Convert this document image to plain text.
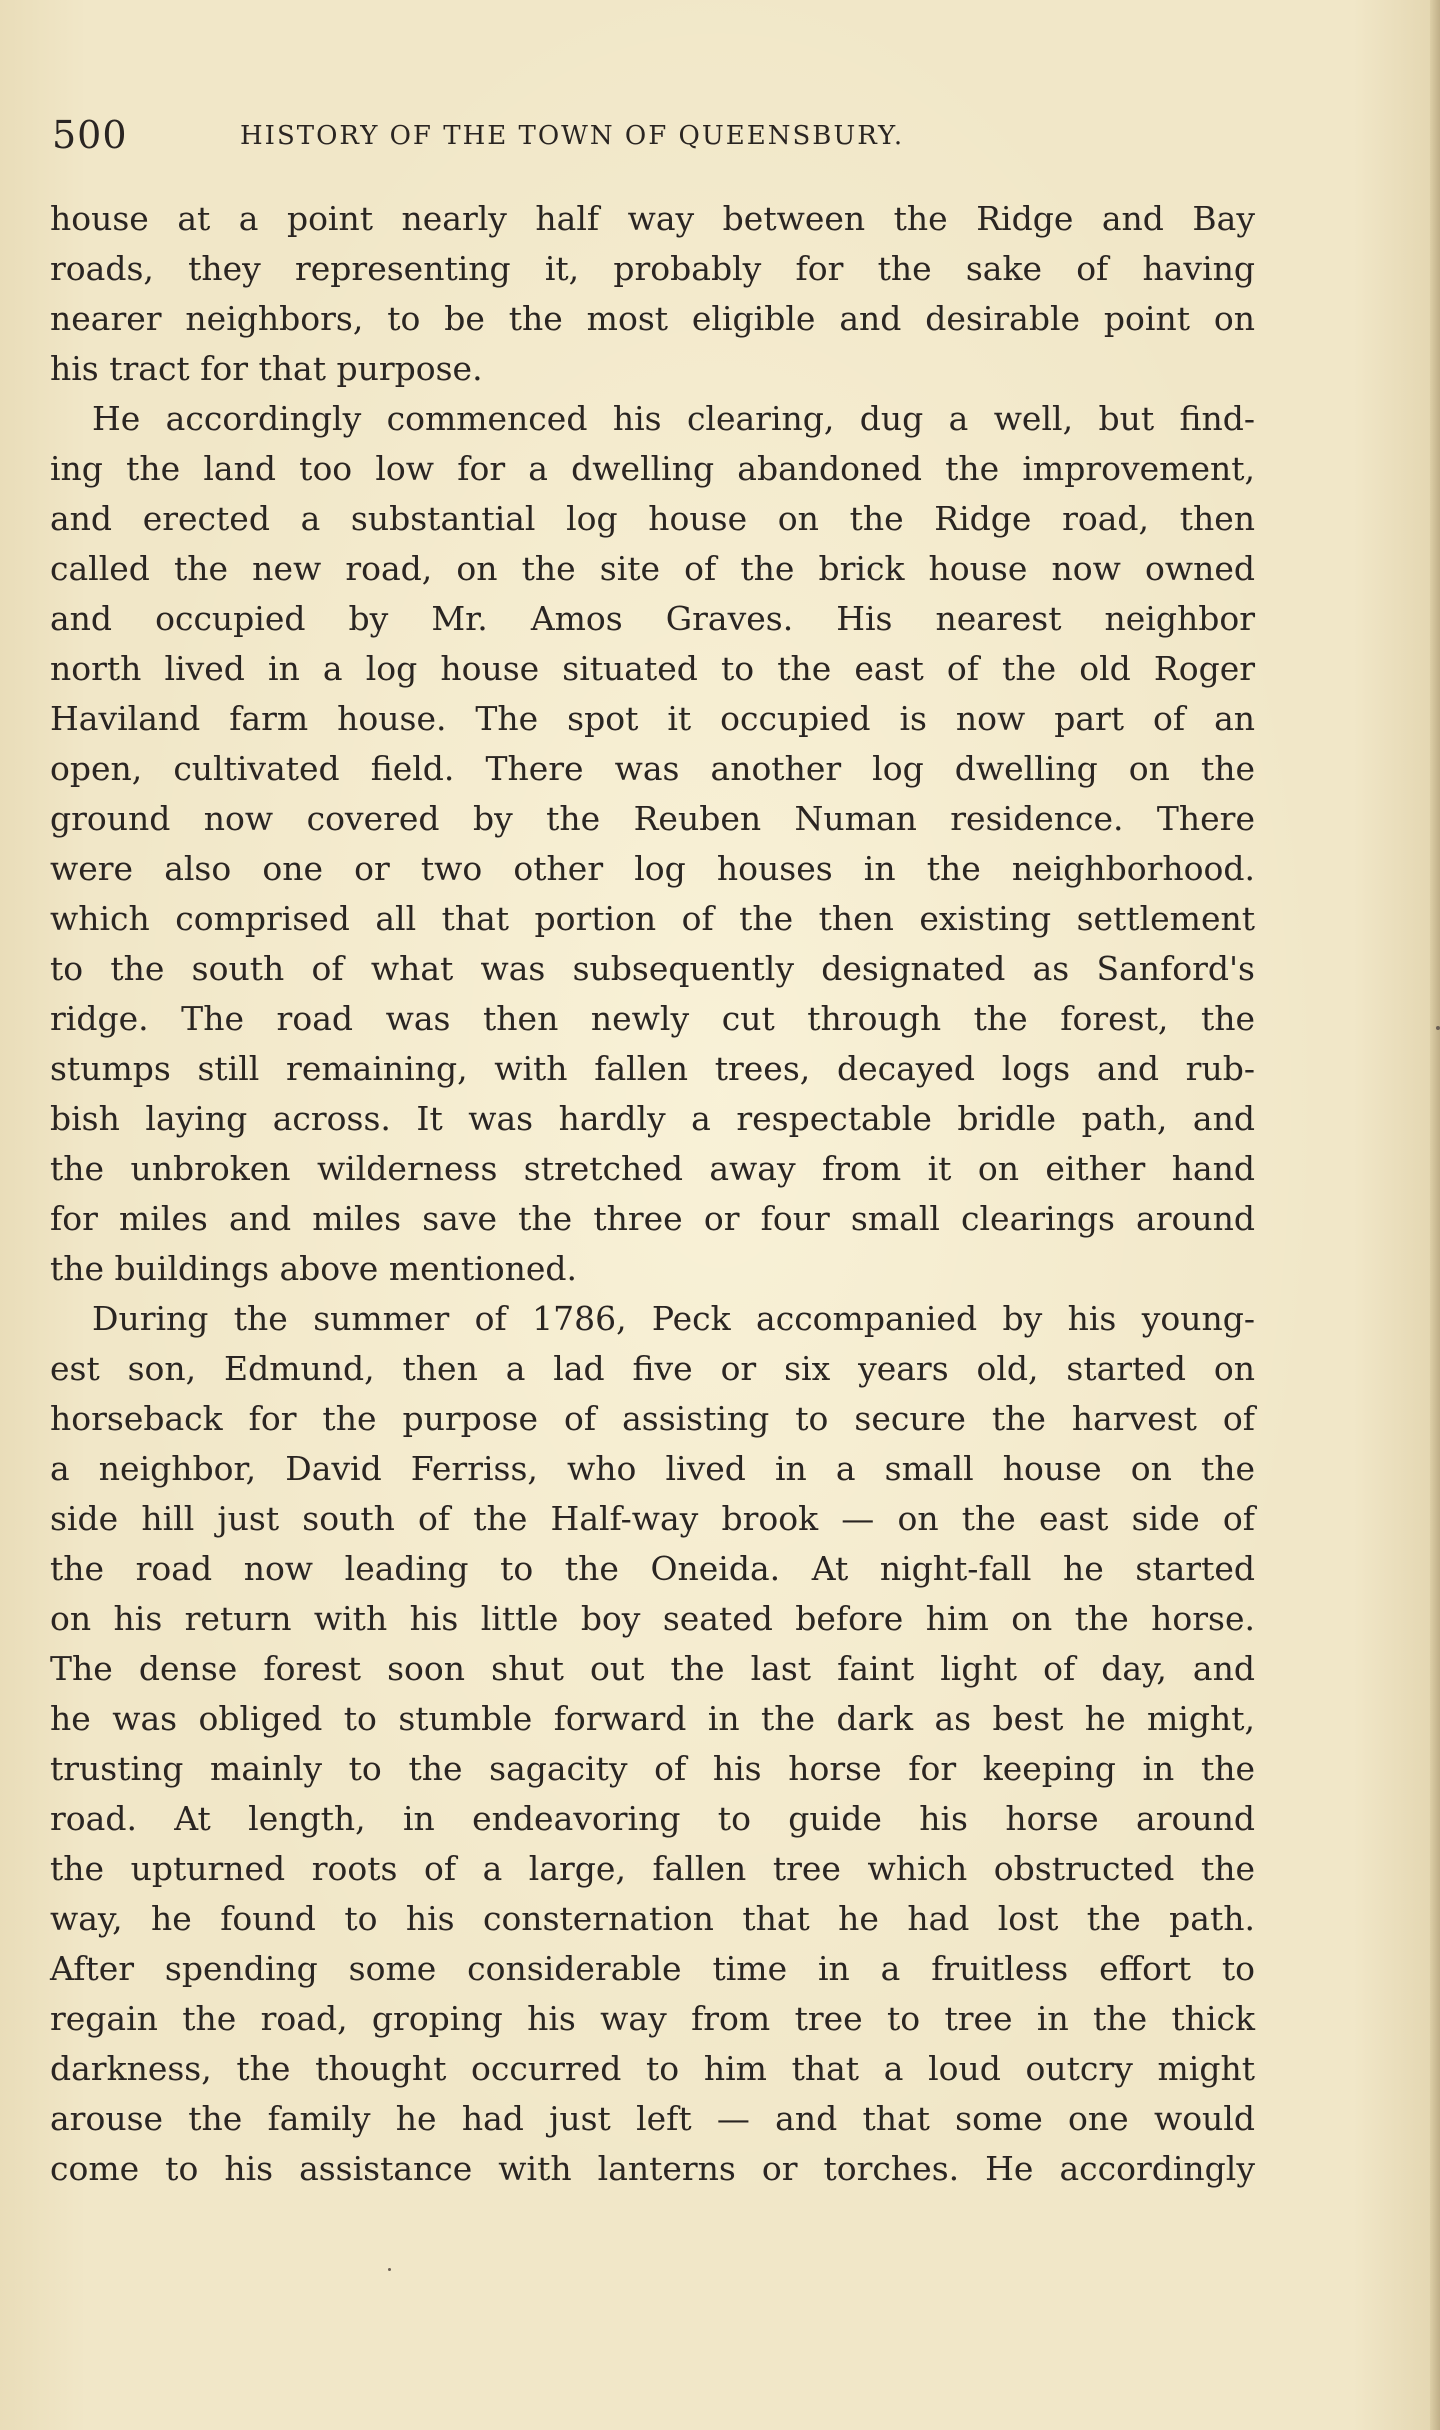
500	HISTORY OF THE TOWN OF QUEENSBURY.
house at a point nearly half way between the Ridge and Bay
roads, they representing it, probably for the sake of having
nearer neighbors, to be the most eligible and desirable point on
his tract for that purpose.
He accordingly commenced his clearing, dug a well, but find-
ing the land too low for a dwelling abandoned the improvement,
and erected a substantial log house on the Ridge road, then
called the new road, on the site of the brick house now owned
and occupied by Mr. Amos Graves. His nearest neighbor
north lived in a log house situated to the east of the old Roger
Haviland farm house. The spot it occupied is now part of an
open, cultivated field. There was another log dwelling on the
ground now covered by the Reuben Numan residence. There
were also one or two other log houses in the neighborhood.
which comprised all that portion of the then existing settlement
to the south of what was subsequently designated as Sanford's
ridge. The road was then newly cut through the forest, the
stumps still remaining, with fallen trees, decayed logs and rub-
bish laying across. It was hardly a respectable bridle path, and
the unbroken wilderness stretched away from it on either hand
for miles and miles save the three or four small clearings around
the buildings above mentioned.
During the summer of 1786, Peck accompanied by his young-
est son, Edmund, then a lad five or six years old, started on
horseback for the purpose of assisting to secure the harvest of
a neighbor, David Ferriss, who lived in a small house on the
side hill just south of the Half-way brook — on the east side of
the road now leading to the Oneida. At night-fall he started
on his return with his little boy seated before him on the horse.
The dense forest soon shut out the last faint light of day, and
he was obliged to stumble forward in the dark as best he might,
trusting mainly to the sagacity of his horse for keeping in the
road. At length, in endeavoring to guide his horse around
the upturned roots of a large, fallen tree which obstructed the
way, he found to his consternation that he had lost the path.
After spending some considerable time in a fruitless effort to
regain the road, groping his way from tree to tree in the thick
darkness, the thought occurred to him that a loud outcry might
arouse the family he had just left — and that some one would
come to his assistance with lanterns or torches. He accordingly
